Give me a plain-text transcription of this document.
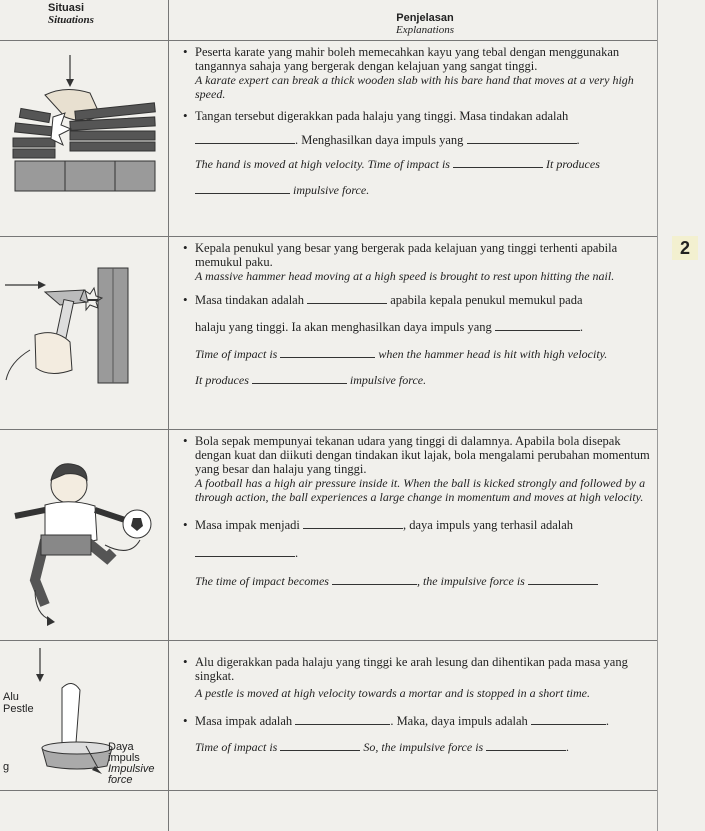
Situasi
Situations	Penjelasan
Explanations
2

• Peserta karate yang mahir boleh memecahkan kayu yang tebal dengan menggunakan tangannya sahaja yang bergerak dengan kelajuan yang sangat tinggi.

A karate expert can break a thick wooden slab with his bare hand that moves at a very high speed.

• Tangan tersebut digerakkan pada halaju yang tinggi. Masa tindakan adalah

. Menghasilkan daya impuls yang	.

The hand is moved at high velocity. Time of impact is	It produces

impulsive force.

• Kepala penukul yang besar yang bergerak pada kelajuan yang tinggi terhenti apabila memukul paku.

A massive hammer head moving at a high speed is brought to rest upon hitting the nail.

• Masa tindakan adalah	apabila kepala penukul memukul pada

halaju yang tinggi. Ia akan menghasilkan daya impuls yang	.

Time of impact is	when the hammer head is hit with high velocity.

It produces	impulsive force.

• Bola sepak mempunyai tekanan udara yang tinggi di dalamnya. Apabila bola disepak dengan kuat dan diikuti dengan tindakan ikut lajak, bola mengalami perubahan momentum yang besar dan halaju yang tinggi.

A football has a high air pressure inside it. When the ball is kicked strongly and followed by a through action, the ball experiences a large change in momentum and moves at high velocity.

• Masa impak menjadi	, daya impuls yang terhasil adalah

.

The time of impact becomes	, the impulsive force is

Alu
Pestle
Daya
impuls
Impulsive
force
g

• Alu digerakkan pada halaju yang tinggi ke arah lesung dan dihentikan pada masa yang singkat.

A pestle is moved at high velocity towards a mortar and is stopped in a short time.

• Masa impak adalah	. Maka, daya impuls adalah	.

Time of impact is	So, the impulsive force is	.
